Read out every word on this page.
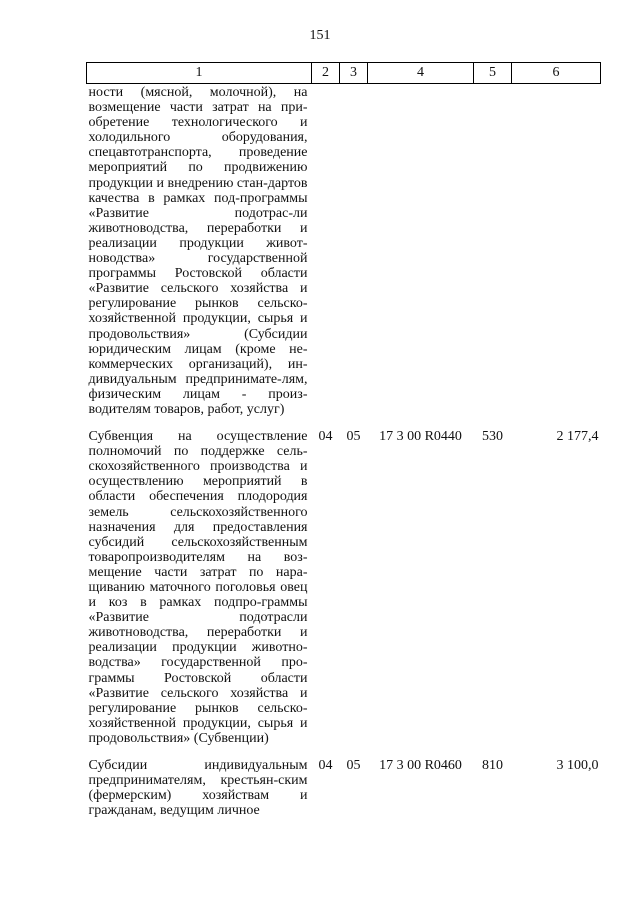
151
1	2	3	4	5	6
ности (мясной, молочной), на возмещение части затрат на при-обретение технологического и холодильного оборудования, спецавтотранспорта, проведение мероприятий по продвижению продукции и внедрению стан-дартов качества в рамках под-программы «Развитие подотрас-ли животноводства, переработки и реализации продукции живот-новодства» государственной программы Ростовской области «Развитие сельского хозяйства и регулирование рынков сельско-хозяйственной продукции, сырья и продовольствия» (Субсидии юридическим лицам (кроме не-коммерческих организаций), ин-дивидуальным предпринимате-лям, физическим лицам - произ-водителям товаров, работ, услуг)					
Субвенция на осуществление полномочий по поддержке сель-скохозяйственного производства и осуществлению мероприятий в области обеспечения плодородия земель сельскохозяйственного назначения для предоставления субсидий сельскохозяйственным товаропроизводителям на воз-мещение части затрат по нара-щиванию маточного поголовья овец и коз в рамках подпро-граммы «Развитие подотрасли животноводства, переработки и реализации продукции животно-водства» государственной про-граммы Ростовской области «Развитие сельского хозяйства и регулирование рынков сельско-хозяйственной продукции, сырья и продовольствия» (Субвенции)	04	05	17 3 00 R0440	530	2 177,4
Субсидии индивидуальным предпринимателям, крестьян-ским (фермерским) хозяйствам и гражданам, ведущим личное	04	05	17 3 00 R0460	810	3 100,0
